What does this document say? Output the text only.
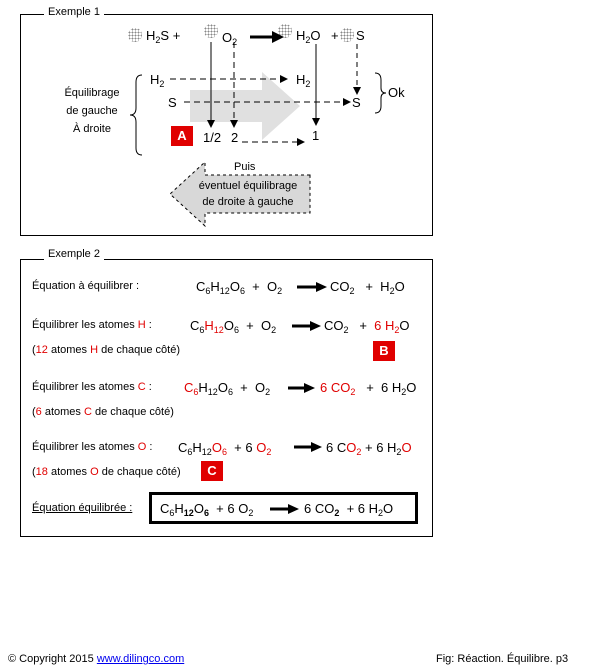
Exemple 1
$H_2S$ +	$O_2$	$H_2O + S$
Équilibrage
de gauche
À droite
$H_2$	$H_2$
S	S
Ok
A	1/2 2	1
Puis
éventuel équilibrage
de droite à gauche
Exemple 2
Équation à équilibrer :	$C_6H_{12}O_6 + O_2$	$CO_2 + H_2O$
Équilibrer les atomes H :	$C_6H_{12}O_6 + O_2$	$CO_2 + 6$ $H_2O$
(12 atomes H de chaque côté)	B
Équilibrer les atomes C : $C_6H_{12}O_6 + O_2$	6 $CO_2 + 6$ $H_2O$
(6 atomes C de chaque côté)
Équilibrer les atomes O : $C_6H_{12}O_6 + 6$ $O_2$	6 $CO_2 + 6$ $H_2O$
(18 atomes O de chaque côté)	C
Équation équilibrée : $C_6H_{12}O_6 + 6$ $O_2$	6 $CO_2 + 6$ $H_2O$
© Copyright 2015 www.dilingco.com	Fig: Réaction. Équilibre. p3
